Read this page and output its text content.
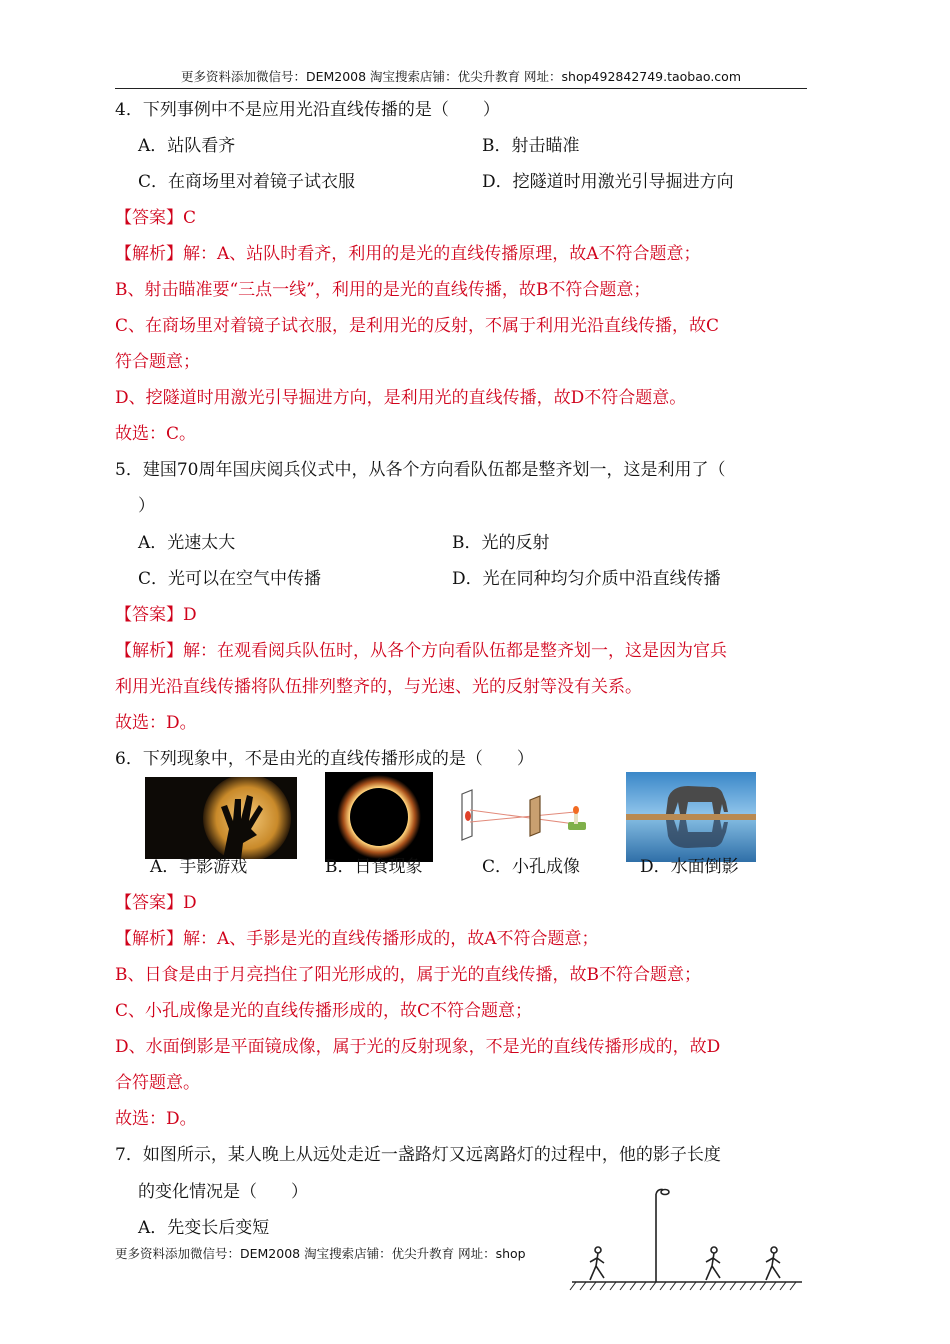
更多资料添加微信号：DEM2008 淘宝搜索店铺：优尖升教育 网址：shop492842749.taobao.com
4．下列事例中不是应用光沿直线传播的是（　　）
A．站队看齐	B．射击瞄准
C．在商场里对着镜子试衣服	D．挖隧道时用激光引导掘进方向
【答案】C
【解析】解：A、站队时看齐，利用的是光的直线传播原理，故A不符合题意；
B、射击瞄准要“三点一线”，利用的是光的直线传播，故B不符合题意；
C、在商场里对着镜子试衣服，是利用光的反射，不属于利用光沿直线传播，故C
符合题意；
D、挖隧道时用激光引导掘进方向，是利用光的直线传播，故D不符合题意。
故选：C。
5．建国70周年国庆阅兵仪式中，从各个方向看队伍都是整齐划一，这是利用了（
）
A．光速太大	B．光的反射
C．光可以在空气中传播	D．光在同种均匀介质中沿直线传播
【答案】D
【解析】解：在观看阅兵队伍时，从各个方向看队伍都是整齐划一，这是因为官兵
利用光沿直线传播将队伍排列整齐的，与光速、光的反射等没有关系。
故选：D。
6．下列现象中，不是由光的直线传播形成的是（　　）
A．手影游戏	B．日食现象	C．小孔成像	D．水面倒影
【答案】D
【解析】解：A、手影是光的直线传播形成的，故A不符合题意；
B、日食是由于月亮挡住了阳光形成的，属于光的直线传播，故B不符合题意；
C、小孔成像是光的直线传播形成的，故C不符合题意；
D、水面倒影是平面镜成像，属于光的反射现象，不是光的直线传播形成的，故D
合符题意。
故选：D。
7．如图所示，某人晚上从远处走近一盏路灯又远离路灯的过程中，他的影子长度
的变化情况是（　　）
A．先变长后变短
更多资料添加微信号：DEM2008 淘宝搜索店铺：优尖升教育 网址：shop
